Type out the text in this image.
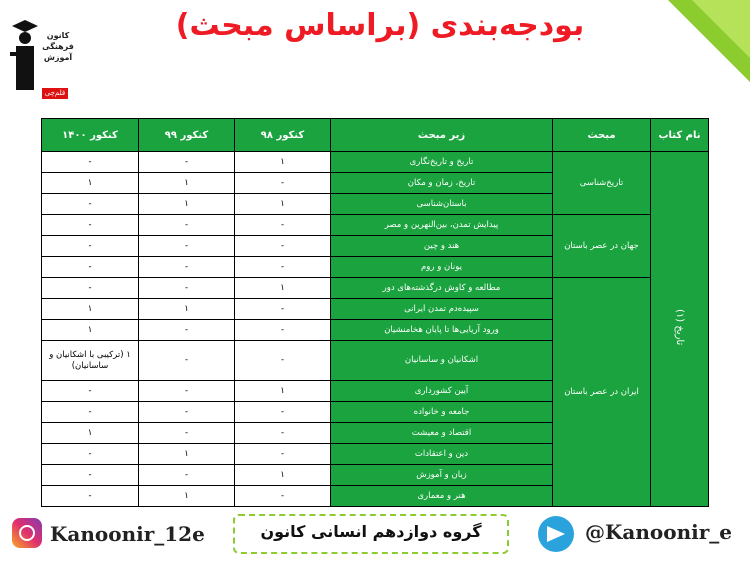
کانون
فرهنگی
آموزش
قلم‌چی
بودجه‌بندی (براساس مبحث)
نام کتاب	مبحث	زیر مبحث	کنکور ۹۸	کنکور ۹۹	کنکور ۱۴۰۰
تاریخ (۱)	تاریخ‌شناسی	تاریخ و تاریخ‌نگاری	۱	-	-
		تاریخ، زمان و مکان	-	۱	۱
		باستان‌شناسی	۱	۱	-
	جهان در عصر باستان	پیدایش تمدن، بین‌النهرین و مصر	-	-	-
		هند و چین	-	-	-
		یونان و روم	-	-	-
	ایران در عصر باستان	مطالعه و کاوش درگذشته‌های دور	۱	-	-
		سپیده‌دم تمدن ایرانی	-	۱	۱
		ورود آریایی‌ها تا پایان هخامنشیان	-	-	۱
		اشکانیان و ساسانیان	-	-	۱ (ترکیبی با اشکانیان و ساسانیان)
		آیین کشورداری	۱	-	-
		جامعه و خانواده	-	-	-
		اقتصاد و معیشت	-	-	۱
		دین و اعتقادات	-	۱	-
		زبان و آموزش	۱	-	-
		هنر و معماری	-	۱	-
Kanoonir_12e	گروه دوازدهم انسانی کانون	@Kanoonir_e
